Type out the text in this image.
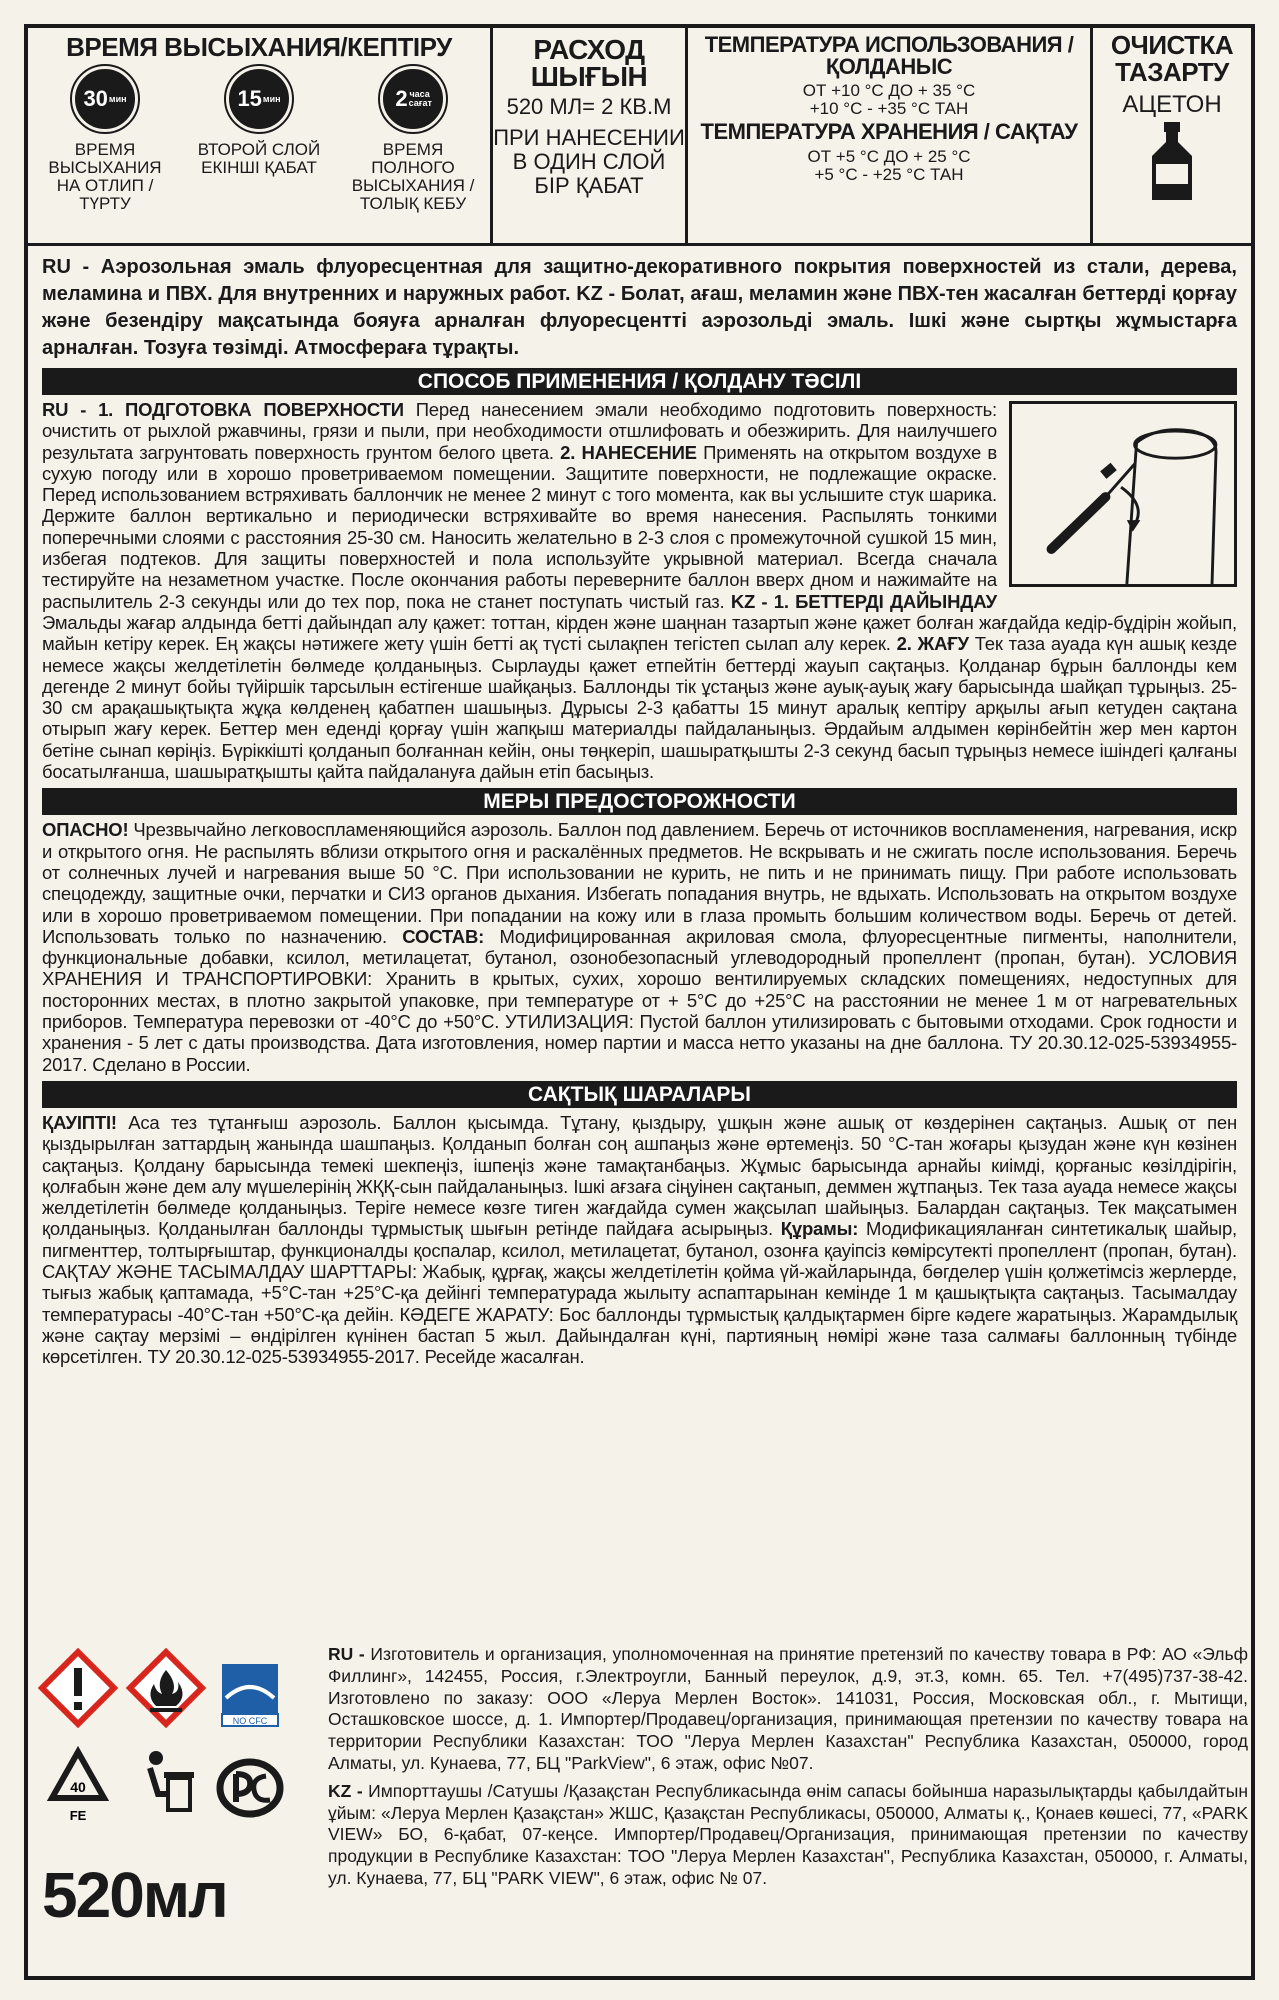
ВРЕМЯ ВЫСЫХАНИЯ/КЕПТІРУ
30 мин
ВРЕМЯ ВЫСЫХАНИЯ НА ОТЛИП / ТҮРТУ
15 мин
ВТОРОЙ СЛОЙ ЕКІНШІ ҚАБАТ
2 часа сағат
ВРЕМЯ ПОЛНОГО ВЫСЫХАНИЯ / ТОЛЫҚ КЕБУ
РАСХОД
ШЫҒЫН
520 МЛ= 2 КВ.М
ПРИ НАНЕСЕНИИ В ОДИН СЛОЙ БІР ҚАБАТ
ТЕМПЕРАТУРА ИСПОЛЬЗОВАНИЯ / ҚОЛДАНЫС
ОТ +10 °С ДО + 35 °С
+10 °С - +35 °С ТАН
ТЕМПЕРАТУРА ХРАНЕНИЯ / САҚТАУ
ОТ +5 °С ДО + 25 °С
+5 °С - +25 °С ТАН
ОЧИСТКА
ТАЗАРТУ
АЦЕТОН
RU - Аэрозольная эмаль флуоресцентная для защитно-декоративного покрытия поверхностей из стали, дерева, меламина и ПВХ. Для внутренних и наружных работ. KZ - Болат, ағаш, меламин және ПВХ-тен жасалған беттерді қорғау және безендіру мақсатында бояуға арналған флуоресцентті аэрозольді эмаль. Ішкі және сыртқы жұмыстарға арналған. Тозуға төзімді. Атмосфераға тұрақты.
СПОСОБ ПРИМЕНЕНИЯ / ҚОЛДАНУ ТӘСІЛІ
RU - 1. ПОДГОТОВКА ПОВЕРХНОСТИ Перед нанесением эмали необходимо подготовить поверхность: очистить от рыхлой ржавчины, грязи и пыли, при необходимости отшлифовать и обезжирить. Для наилучшего результата загрунтовать поверхность грунтом белого цвета. 2. НАНЕСЕНИЕ Применять на открытом воздухе в сухую погоду или в хорошо проветриваемом помещении. Защитите поверхности, не подлежащие окраске. Перед использованием встряхивать баллончик не менее 2 минут с того момента, как вы услышите стук шарика. Держите баллон вертикально и периодически встряхивайте во время нанесения. Распылять тонкими поперечными слоями с расстояния 25-30 см. Наносить желательно в 2-3 слоя с промежуточной сушкой 15 мин, избегая подтеков. Для защиты поверхностей и пола используйте укрывной материал. Всегда сначала тестируйте на незаметном участке. После окончания работы переверните баллон вверх дном и нажимайте на распылитель 2-3 секунды или до тех пор, пока не станет поступать чистый газ. KZ - 1. БЕТТЕРДІ ДАЙЫНДАУ Эмальды жағар алдында бетті дайындап алу қажет: тоттан, кірден және шаңнан тазартып және қажет болған жағдайда кедір-бұдірін жойып, майын кетіру керек. Ең жақсы нәтижеге жету үшін бетті ақ түсті сылақпен тегістеп сылап алу керек. 2. ЖАҒУ Тек таза ауада күн ашық кезде немесе жақсы желдетілетін бөлмеде қолданыңыз. Сырлауды қажет етпейтін беттерді жауып сақтаңыз. Қолданар бұрын баллонды кем дегенде 2 минут бойы түйіршік тарсылын естігенше шайқаңыз. Баллонды тік ұстаңыз және ауық-ауық жағу барысында шайқап тұрыңыз. 25- 30 см арақашықтықта жұқа көлденең қабатпен шашыңыз. Дұрысы 2-3 қабатты 15 минут аралық кептіру арқылы ағып кетуден сақтана отырып жағу керек. Беттер мен еденді қорғау үшін жапқыш материалды пайдаланыңыз. Әрдайым алдымен көрінбейтін жер мен картон бетіне сынап көріңіз. Бүріккішті қолданып болғаннан кейін, оны төңкеріп, шашыратқышты 2-3 секунд басып тұрыңыз немесе ішіндегі қалғаны босатылғанша, шашыратқышты қайта пайдалануға дайын етіп басыңыз.
МЕРЫ ПРЕДОСТОРОЖНОСТИ
ОПАСНО! Чрезвычайно легковоспламеняющийся аэрозоль. Баллон под давлением. Беречь от источников воспламенения, нагревания, искр и открытого огня. Не распылять вблизи открытого огня и раскалённых предметов. Не вскрывать и не сжигать после использования. Беречь от солнечных лучей и нагревания выше 50 °С. При использовании не курить, не пить и не принимать пищу. При работе использовать спецодежду, защитные очки, перчатки и СИЗ органов дыхания. Избегать попадания внутрь, не вдыхать. Использовать на открытом воздухе или в хорошо проветриваемом помещении. При попадании на кожу или в глаза промыть большим количеством воды. Беречь от детей. Использовать только по назначению. СОСТАВ: Модифицированная акриловая смола, флуоресцентные пигменты, наполнители, функциональные добавки, ксилол, метилацетат, бутанол, озонобезопасный углеводородный пропеллент (пропан, бутан). УСЛОВИЯ ХРАНЕНИЯ И ТРАНСПОРТИРОВКИ: Хранить в крытых, сухих, хорошо вентилируемых складских помещениях, недоступных для посторонних местах, в плотно закрытой упаковке, при температуре от + 5°С до +25°С на расстоянии не менее 1 м от нагревательных приборов. Температура перевозки от -40°С до +50°С. УТИЛИЗАЦИЯ: Пустой баллон утилизировать с бытовыми отходами. Срок годности и хранения - 5 лет с даты производства. Дата изготовления, номер партии и масса нетто указаны на дне баллона. ТУ 20.30.12-025-53934955-2017. Сделано в России.
САҚТЫҚ ШАРАЛАРЫ
ҚАУІПТІ! Аса тез тұтанғыш аэрозоль. Баллон қысымда. Тұтану, қыздыру, ұшқын және ашық от көздерінен сақтаңыз. Ашық от пен қыздырылған заттардың жанында шашпаңыз. Қолданып болған соң ашпаңыз және өртемеңіз. 50 °С-тан жоғары қызудан және күн көзінен сақтаңыз. Қолдану барысында темекі шекпеңіз, ішпеңіз және тамақтанбаңыз. Жұмыс барысында арнайы киімді, қорғаныс көзілдірігін, қолғабын және дем алу мүшелерінің ЖҚҚ-сын пайдаланыңыз. Ішкі ағзаға сіңуінен сақтанып, деммен жұтпаңыз. Тек таза ауада немесе жақсы желдетілетін бөлмеде қолданыңыз. Теріге немесе көзге тиген жағдайда сумен жақсылап шайыңыз. Балардан сақтаңыз. Тек мақсатымен қолданыңыз. Қолданылған баллонды тұрмыстық шығын ретінде пайдаға асырыңыз. Құрамы: Модификацияланған синтетикалық шайыр, пигменттер, толтырғыштар, функционалды қоспалар, ксилол, метилацетат, бутанол, озонға қауіпсіз көмірсутекті пропеллент (пропан, бутан). САҚТАУ ЖӘНЕ ТАСЫМАЛДАУ ШАРТТАРЫ: Жабық, құрғақ, жақсы желдетілетін қойма үй-жайларында, бөгделер үшін қолжетімсіз жерлерде, тығыз жабық қаптамада, +5°С-тан +25°С-қа дейінгі температурада жылыту аспаптарынан кемінде 1 м қашықтықта сақтаңыз. Тасымалдау температурасы -40°С-тан +50°С-қа дейін. КӘДЕГЕ ЖАРАТУ: Бос баллонды тұрмыстық қалдықтармен бірге кәдеге жаратыңыз. Жарамдылық және сақтау мерзімі – өндірілген күнінен бастап 5 жыл. Дайындалған күні, партияның нөмірі және таза салмағы баллонның түбінде көрсетілген. ТУ 20.30.12-025-53934955-2017. Ресейде жасалған.
NO CFC
40
FE
520мл
RU - Изготовитель и организация, уполномоченная на принятие претензий по качеству товара в РФ: АО «Эльф Филлинг», 142455, Россия, г.Электроугли, Банный переулок, д.9, эт.3, комн. 65. Тел. +7(495)737-38-42. Изготовлено по заказу: ООО «Леруа Мерлен Восток». 141031, Россия, Московская обл., г. Мытищи, Осташковское шоссе, д. 1. Импортер/Продавец/организация, принимающая претензии по качеству товара на территории Республики Казахстан: ТОО "Леруа Мерлен Казахстан" Республика Казахстан, 050000, город Алматы, ул. Кунаева, 77, БЦ "ParkView", 6 этаж, офис №07.
KZ - Импорттаушы /Сатушы /Қазақстан Республикасында өнім сапасы бойынша наразылықтарды қабылдайтын ұйым: «Леруа Мерлен Қазақстан» ЖШС, Қазақстан Республикасы, 050000, Алматы қ., Қонаев көшесі, 77, «PARK VIEW» БО, 6-қабат, 07-кеңсе. Импортер/Продавец/Организация, принимающая претензии по качеству продукции в Республике Казахстан: ТОО "Леруа Мерлен Казахстан", Республика Казахстан, 050000, г. Алматы, ул. Кунаева, 77, БЦ "PARK VIEW", 6 этаж, офис № 07.
